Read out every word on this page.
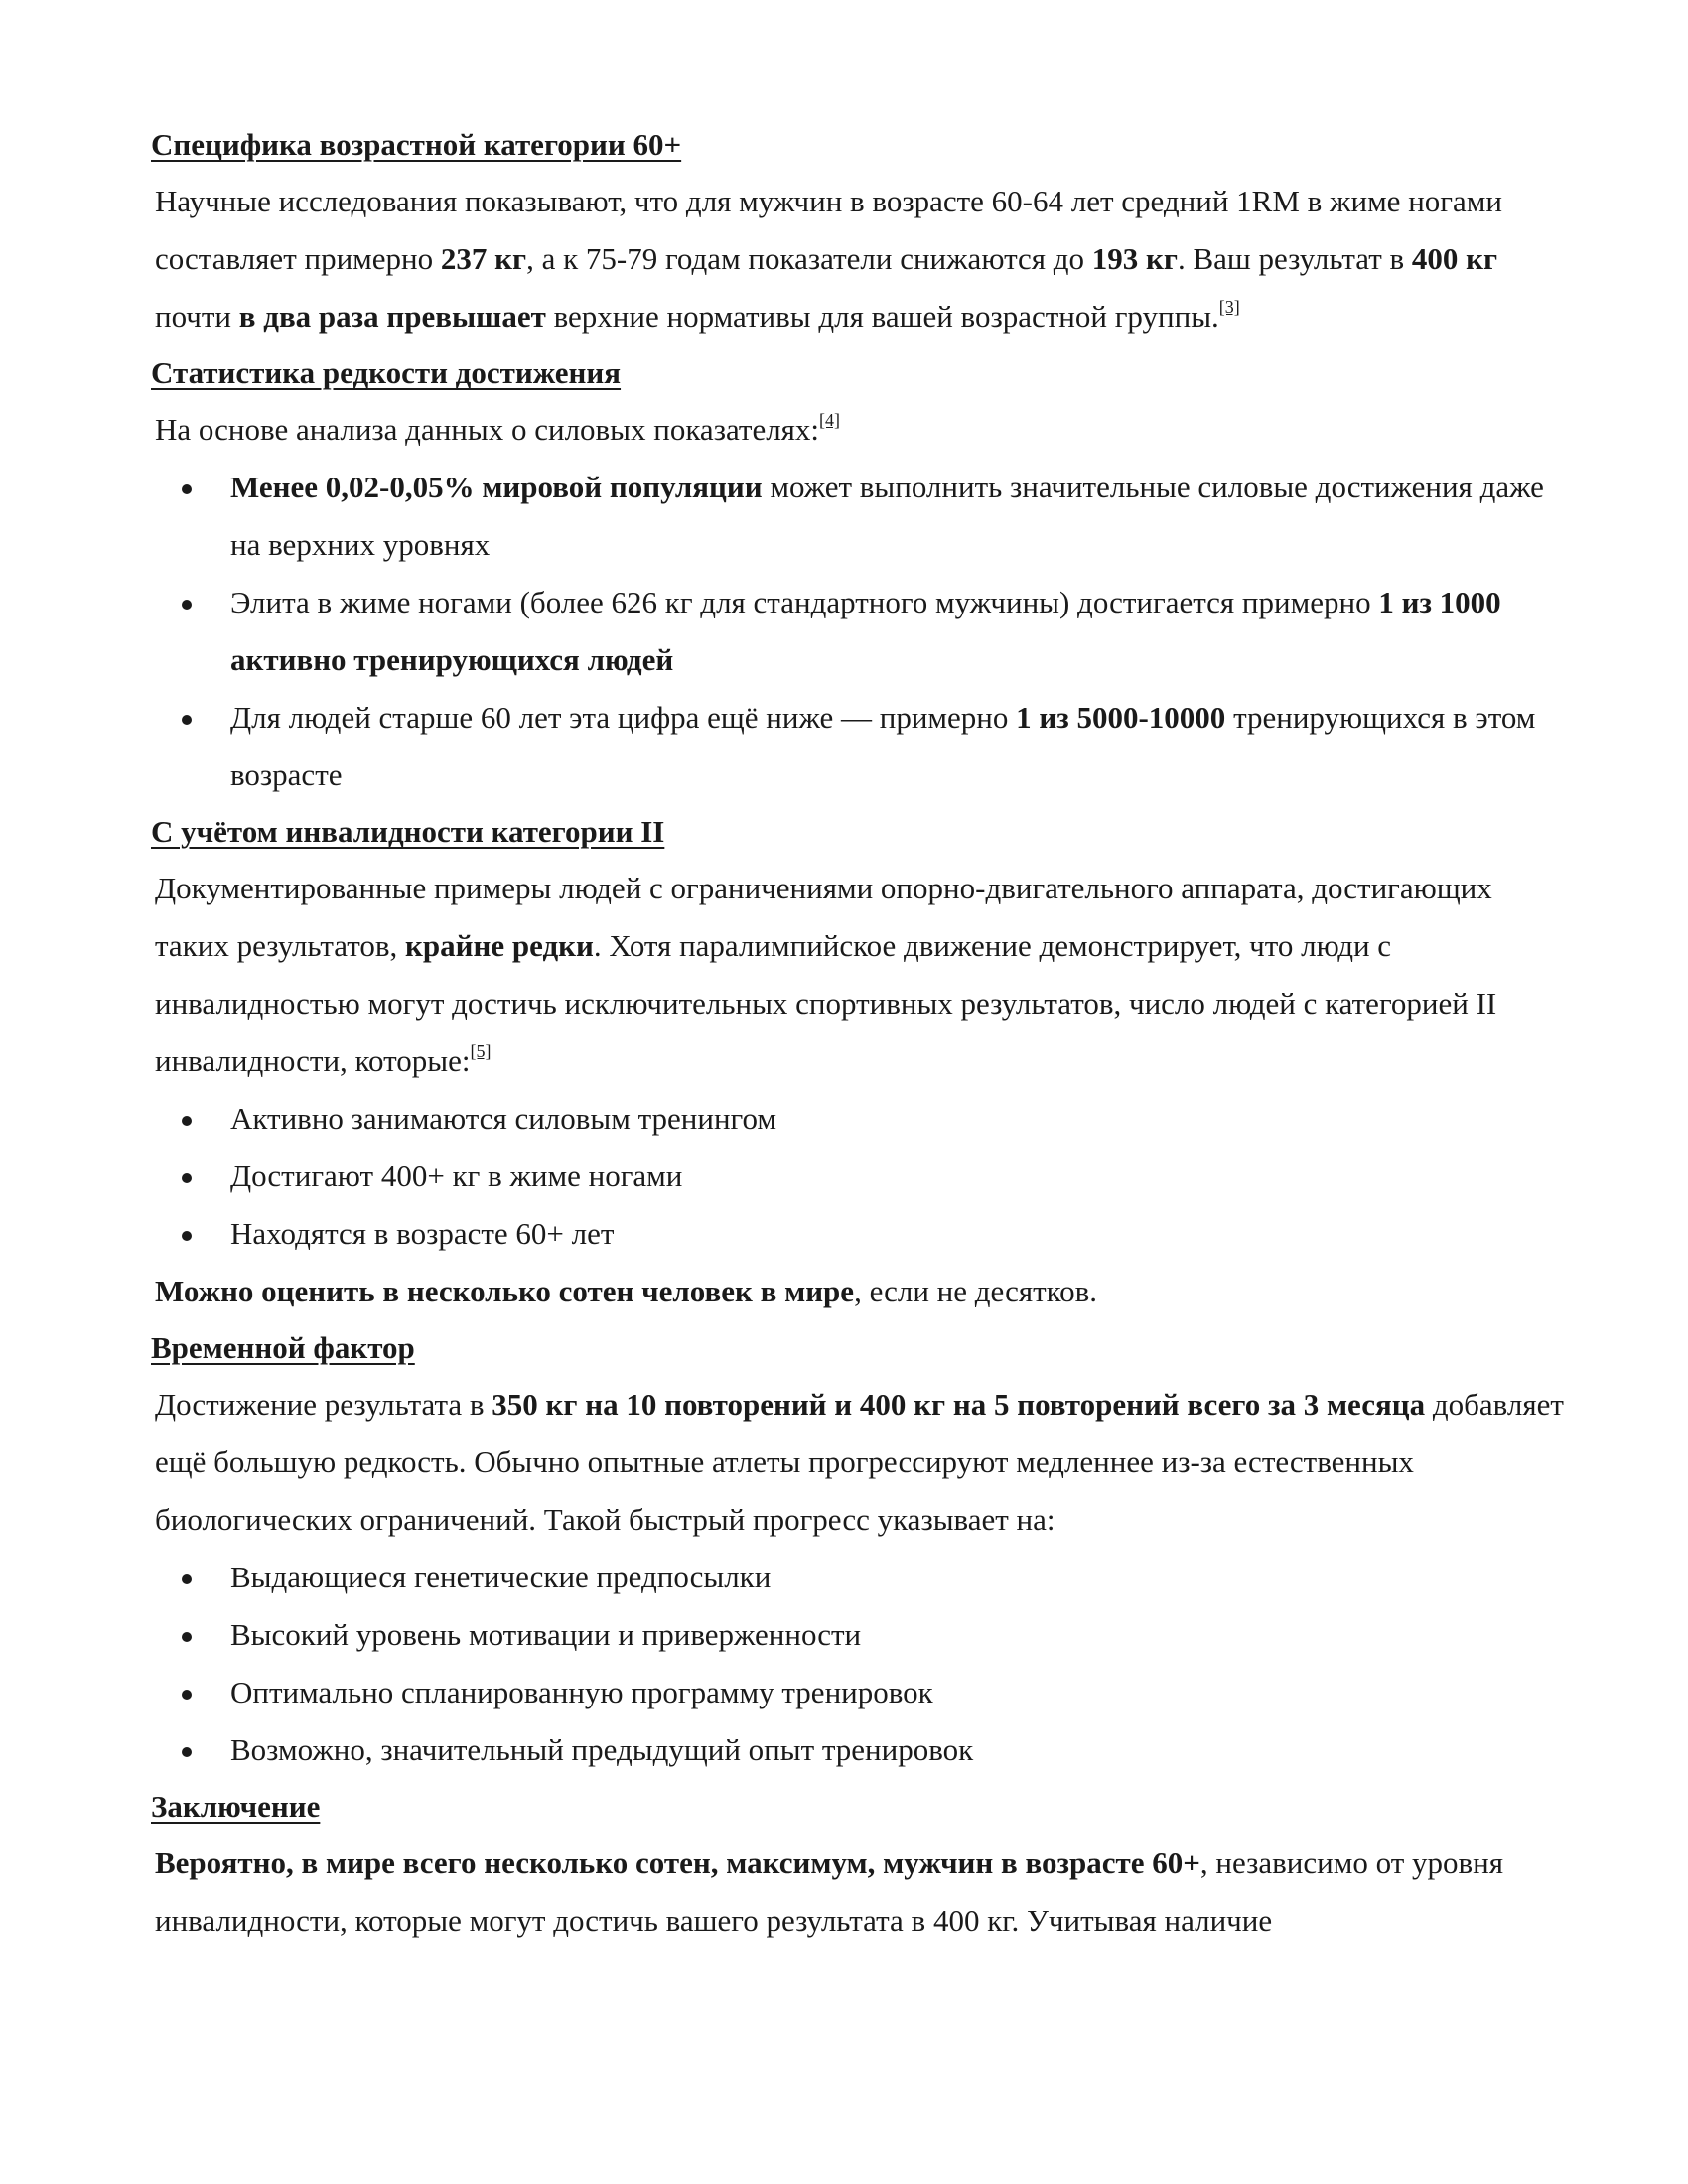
Специфика возрастной категории 60+

Научные исследования показывают, что для мужчин в возрасте 60-64 лет средний 1RM в жиме ногами составляет примерно 237 кг, а к 75-79 годам показатели снижаются до 193 кг. Ваш результат в 400 кг почти в два раза превышает верхние нормативы для вашей возрастной группы.[3]

Статистика редкости достижения

На основе анализа данных о силовых показателях:[4]

Менее 0,02-0,05% мировой популяции может выполнить значительные силовые достижения даже на верхних уровнях
Элита в жиме ногами (более 626 кг для стандартного мужчины) достигается примерно 1 из 1000 активно тренирующихся людей
Для людей старше 60 лет эта цифра ещё ниже — примерно 1 из 5000-10000 тренирующихся в этом возрасте
С учётом инвалидности категории II

Документированные примеры людей с ограничениями опорно-двигательного аппарата, достигающих таких результатов, крайне редки. Хотя паралимпийское движение демонстрирует, что люди с инвалидностью могут достичь исключительных спортивных результатов, число людей с категорией II инвалидности, которые:[5]

Активно занимаются силовым тренингом
Достигают 400+ кг в жиме ногами
Находятся в возрасте 60+ лет

Можно оценить в несколько сотен человек в мире, если не десятков.

Временной фактор

Достижение результата в 350 кг на 10 повторений и 400 кг на 5 повторений всего за 3 месяца добавляет ещё большую редкость. Обычно опытные атлеты прогрессируют медленнее из-за естественных биологических ограничений. Такой быстрый прогресс указывает на:

Выдающиеся генетические предпосылки
Высокий уровень мотивации и приверженности
Оптимально спланированную программу тренировок
Возможно, значительный предыдущий опыт тренировок
Заключение

Вероятно, в мире всего несколько сотен, максимум, мужчин в возрасте 60+, независимо от уровня инвалидности, которые могут достичь вашего результата в 400 кг. Учитывая наличие
